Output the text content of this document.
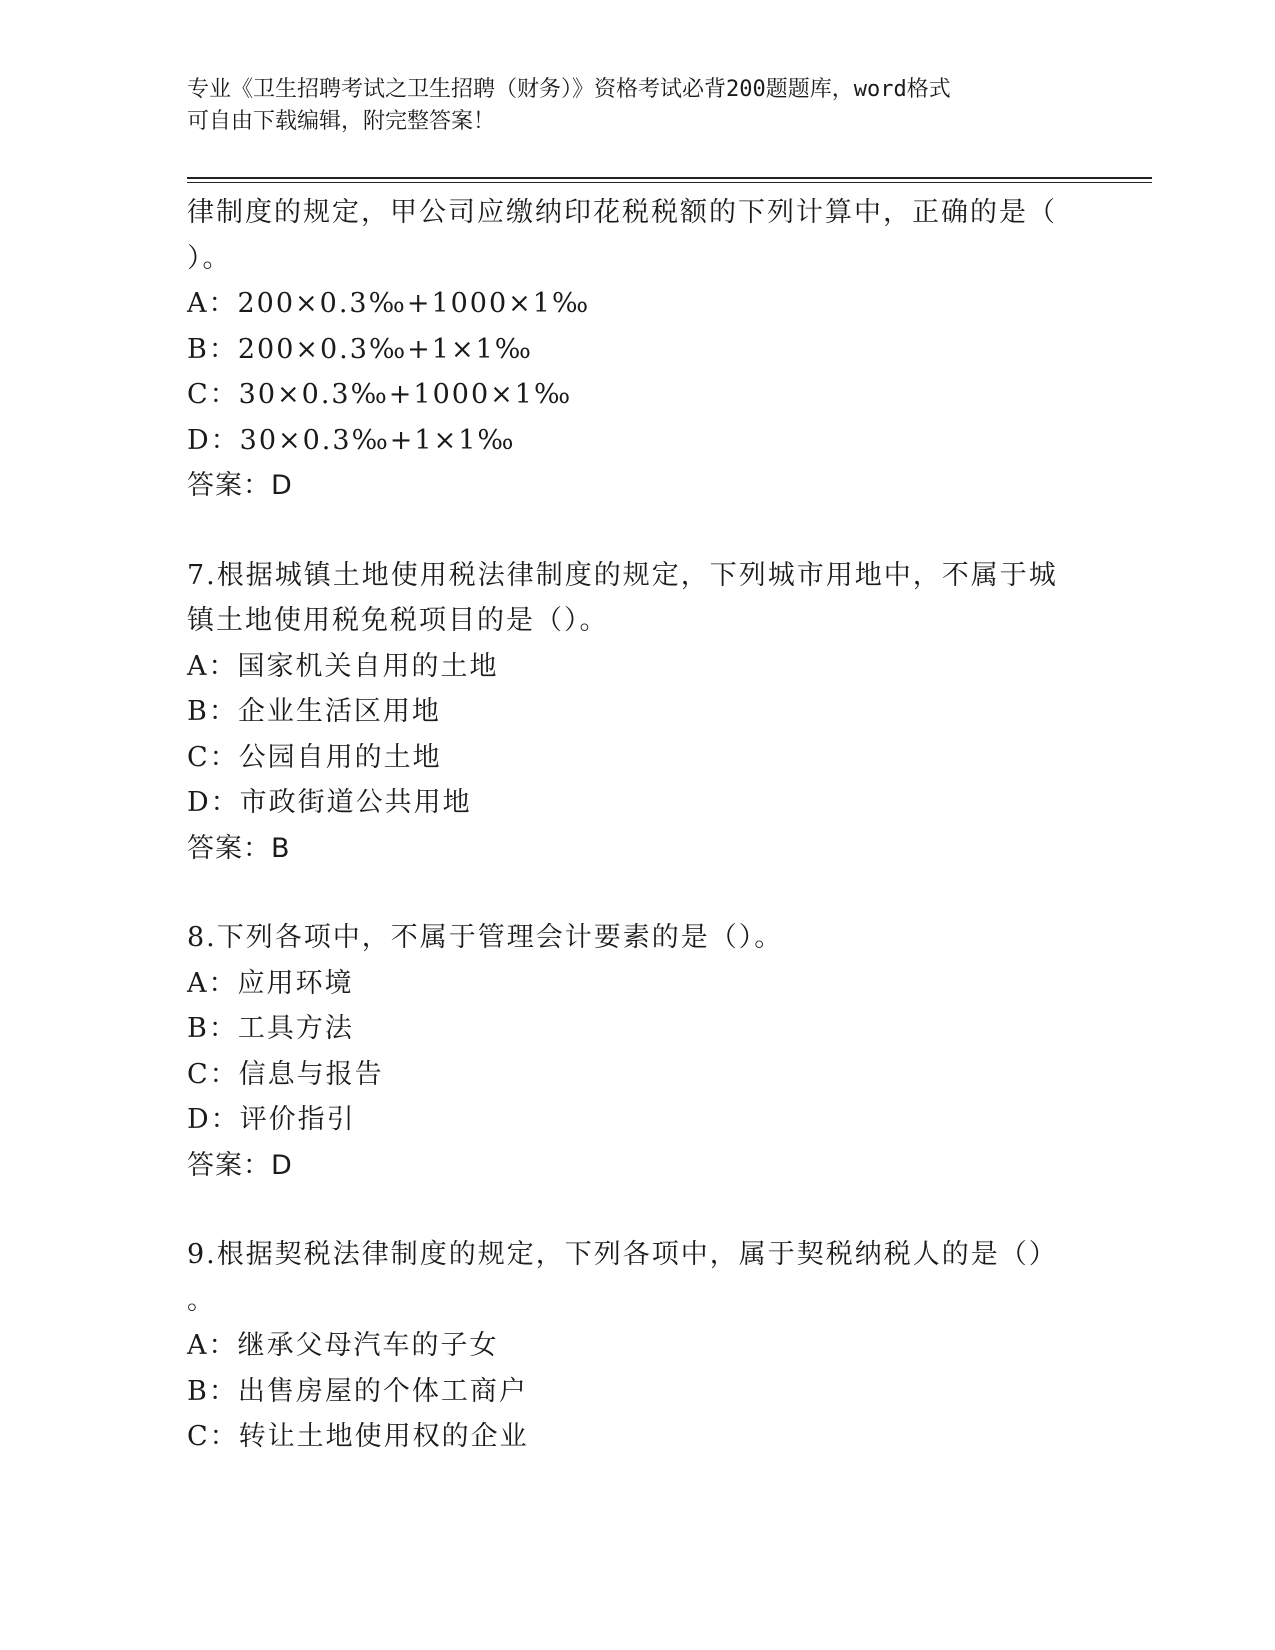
专业《卫生招聘考试之卫生招聘（财务）》资格考试必背200题题库，word格式
可自由下载编辑，附完整答案！
律制度的规定，甲公司应缴纳印花税税额的下列计算中，正确的是（
）。
A：200×0.3‰+1000×1‰
B：200×0.3‰+1×1‰
C：30×0.3‰+1000×1‰
D：30×0.3‰+1×1‰
答案：D
7.根据城镇土地使用税法律制度的规定，下列城市用地中，不属于城
镇土地使用税免税项目的是（）。
A：国家机关自用的土地
B：企业生活区用地
C：公园自用的土地
D：市政街道公共用地
答案：B
8.下列各项中，不属于管理会计要素的是（）。
A：应用环境
B：工具方法
C：信息与报告
D：评价指引
答案：D
9.根据契税法律制度的规定，下列各项中，属于契税纳税人的是（）
。
A：继承父母汽车的子女
B：出售房屋的个体工商户
C：转让土地使用权的企业
